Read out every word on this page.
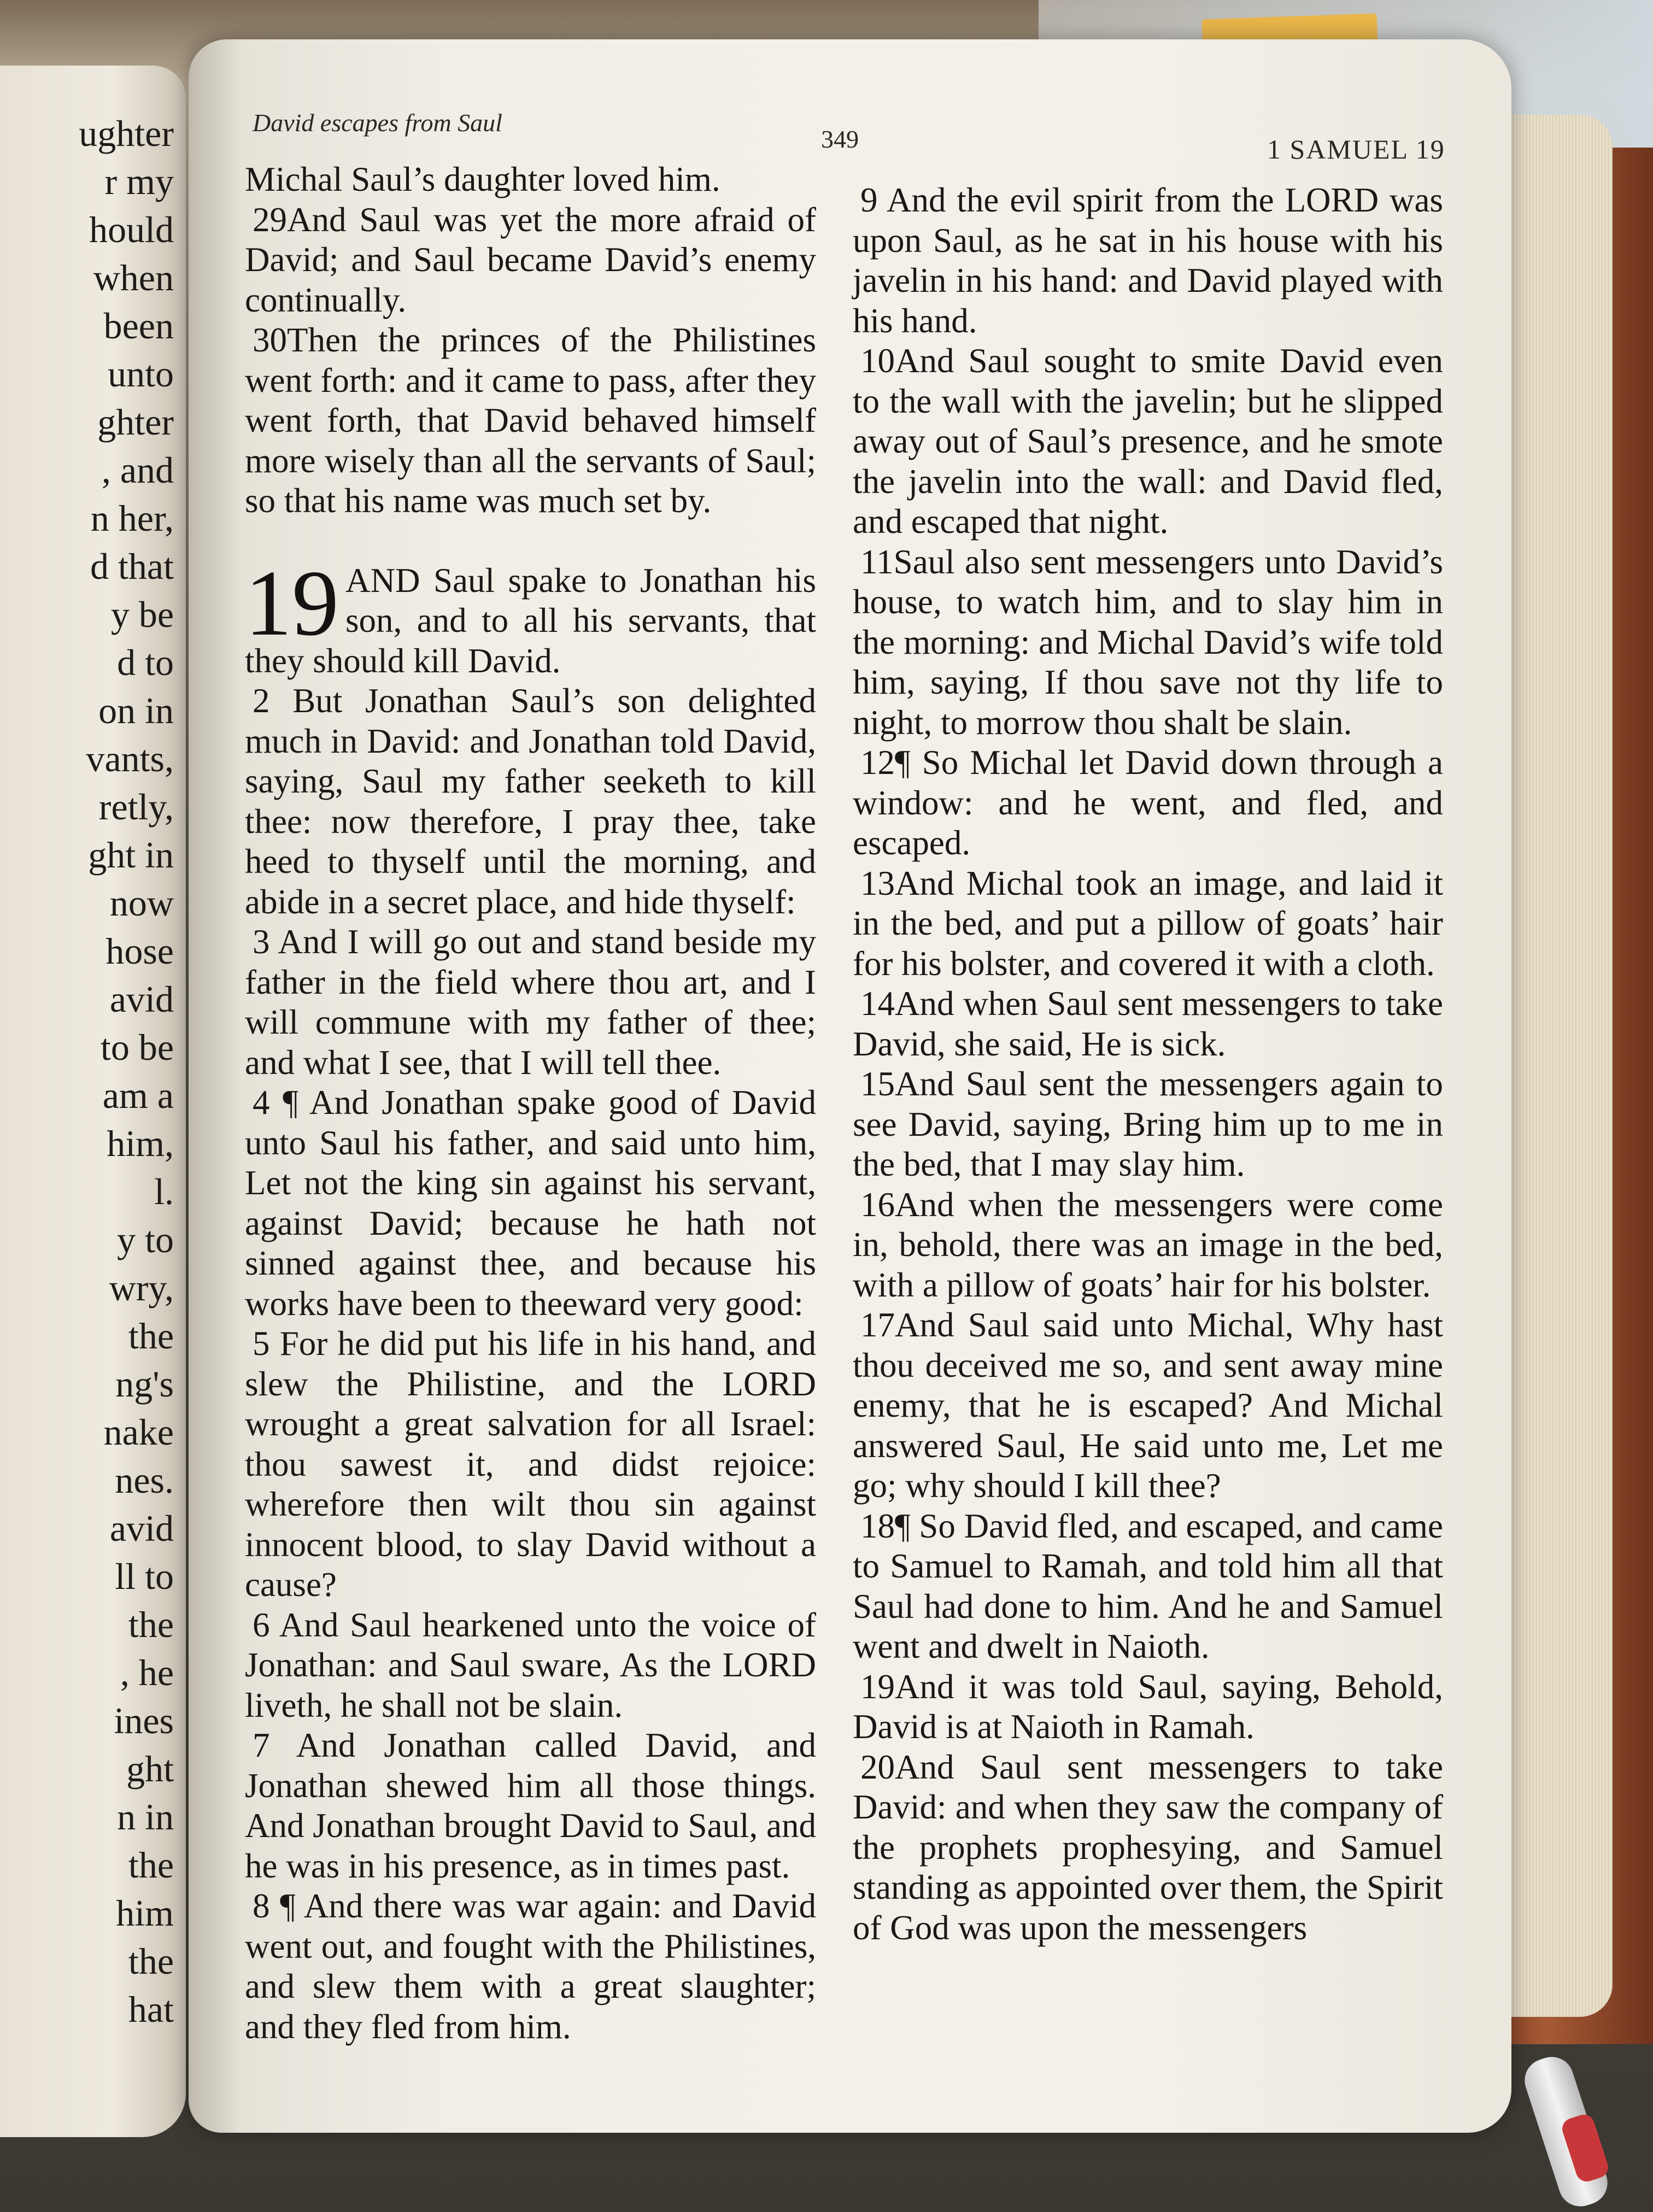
ughter
r my
hould
when
been
unto
ghter
, and
n her,
d that
y be
d to
on in
vants,
retly,
ght in
now
hose
avid
to be
am a
him,
l.
y to
wry,
the
ng's
nake
nes.
avid
ll to
the
, he
ines
ght
n in
the
him
the
hat
David escapes from Saul
349	1 SAMUEL 19

Michal Saul’s daughter loved him.

29And Saul was yet the more afraid of David; and Saul became David’s enemy continually.

30Then the princes of the Philistines went forth: and it came to pass, after they went forth, that David behaved himself more wisely than all the servants of Saul; so that his name was much set by.

19 AND Saul spake to Jonathan his son, and to all his servants, that they should kill David.

2 But Jonathan Saul’s son delighted much in David: and Jonathan told David, saying, Saul my father seeketh to kill thee: now therefore, I pray thee, take heed to thyself until the morning, and abide in a secret place, and hide thyself:

3 And I will go out and stand beside my father in the field where thou art, and I will commune with my father of thee; and what I see, that I will tell thee.

4 ¶ And Jonathan spake good of David unto Saul his father, and said unto him, Let not the king sin against his servant, against David; because he hath not sinned against thee, and because his works have been to theeward very good:

5 For he did put his life in his hand, and slew the Philistine, and the LORD wrought a great salvation for all Israel: thou sawest it, and didst rejoice: wherefore then wilt thou sin against innocent blood, to slay David without a cause?

6 And Saul hearkened unto the voice of Jonathan: and Saul sware, As the LORD liveth, he shall not be slain.

7 And Jonathan called David, and Jonathan shewed him all those things. And Jonathan brought David to Saul, and he was in his presence, as in times past.

8 ¶ And there was war again: and David went out, and fought with the Philistines, and slew them with a great slaughter; and they fled from him.

9 And the evil spirit from the LORD was upon Saul, as he sat in his house with his javelin in his hand: and David played with his hand.

10And Saul sought to smite David even to the wall with the javelin; but he slipped away out of Saul’s presence, and he smote the javelin into the wall: and David fled, and escaped that night.

11Saul also sent messengers unto David’s house, to watch him, and to slay him in the morning: and Michal David’s wife told him, saying, If thou save not thy life to night, to morrow thou shalt be slain.

12¶ So Michal let David down through a window: and he went, and fled, and escaped.

13And Michal took an image, and laid it in the bed, and put a pillow of goats’ hair for his bolster, and covered it with a cloth.

14And when Saul sent messengers to take David, she said, He is sick.

15And Saul sent the messengers again to see David, saying, Bring him up to me in the bed, that I may slay him.

16And when the messengers were come in, behold, there was an image in the bed, with a pillow of goats’ hair for his bolster.

17And Saul said unto Michal, Why hast thou deceived me so, and sent away mine enemy, that he is escaped? And Michal answered Saul, He said unto me, Let me go; why should I kill thee?

18¶ So David fled, and escaped, and came to Samuel to Ramah, and told him all that Saul had done to him. And he and Samuel went and dwelt in Naioth.

19And it was told Saul, saying, Behold, David is at Naioth in Ramah.

20And Saul sent messengers to take David: and when they saw the company of the prophets prophesying, and Samuel standing as appointed over them, the Spirit of God was upon the messengers
